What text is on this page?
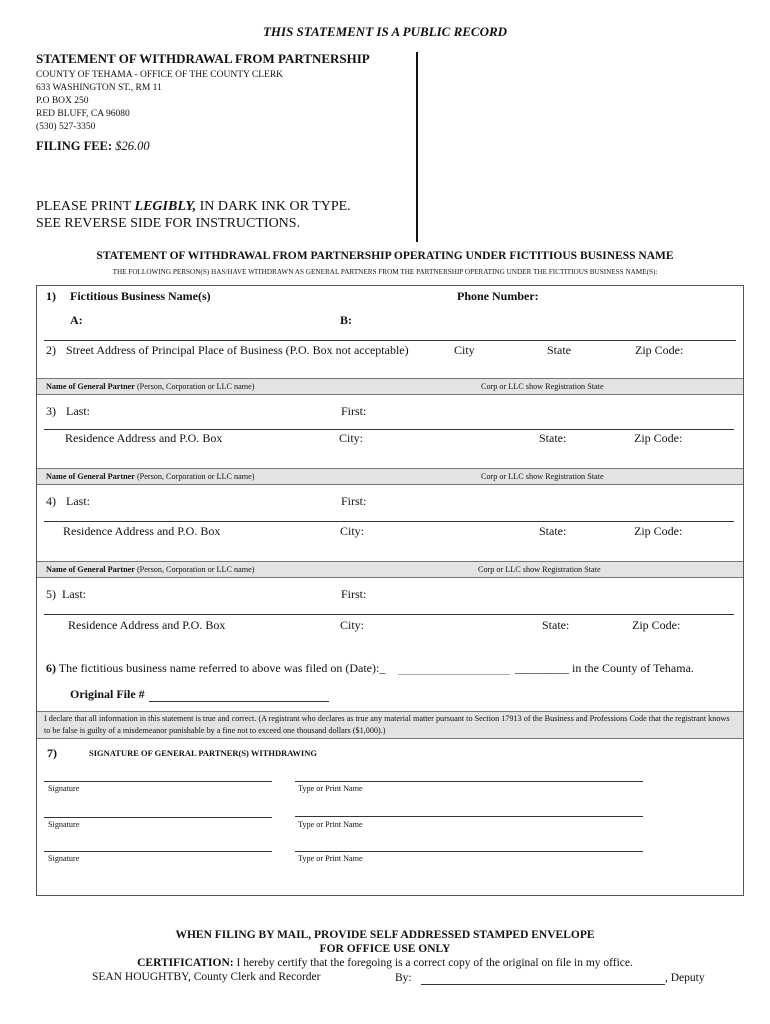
THIS STATEMENT IS A PUBLIC RECORD
STATEMENT OF WITHDRAWAL FROM PARTNERSHIP
COUNTY OF TEHAMA - OFFICE OF THE COUNTY CLERK
633 WASHINGTON ST., RM 11
P.O BOX 250
RED BLUFF, CA 96080
(530) 527-3350
FILING FEE: $26.00
PLEASE PRINT LEGIBLY, IN DARK INK OR TYPE.
SEE REVERSE SIDE FOR INSTRUCTIONS.
STATEMENT OF WITHDRAWAL FROM PARTNERSHIP OPERATING UNDER FICTITIOUS BUSINESS NAME
THE FOLLOWING PERSON(S) HAS/HAVE WITHDRAWN AS GENERAL PARTNERS FROM THE PARTNERSHIP OPERATING UNDER THE FICTITIOUS BUSINESS NAME(S):
1) Fictitious Business Name(s)	Phone Number:
A:	B:
2) Street Address of Principal Place of Business (P.O. Box not acceptable)	City	State	Zip Code:
Name of General Partner (Person, Corporation or LLC name)	Corp or LLC show Registration State
3) Last:	First:
Residence Address and P.O. Box	City:	State:	Zip Code:
Name of General Partner (Person, Corporation or LLC name)	Corp or LLC show Registration State
4) Last:	First:
Residence Address and P.O. Box	City:	State:	Zip Code:
Name of General Partner (Person, Corporation or LLC name)	Corp or LLC show Registration State
5) Last:	First:
Residence Address and P.O. Box	City:	State:	Zip Code:
6) The fictitious business name referred to above was filed on (Date):_	_________ in the County of Tehama.
Original File #
I declare that all information in this statement is true and correct. (A registrant who declares as true any material matter pursuant to Section 17913 of the Business and Professions Code that the registrant knows to be false is guilty of a misdemeanor punishable by a fine not to exceed one thousand dollars ($1,000).)
7)	SIGNATURE OF GENERAL PARTNER(S) WITHDRAWING
Signature	Type or Print Name
Signature	Type or Print Name
Signature	Type or Print Name
WHEN FILING BY MAIL, PROVIDE SELF ADDRESSED STAMPED ENVELOPE
FOR OFFICE USE ONLY
CERTIFICATION: I hereby certify that the foregoing is a correct copy of the original on file in my office.
SEAN HOUGHTBY, County Clerk and Recorder	By:	, Deputy
